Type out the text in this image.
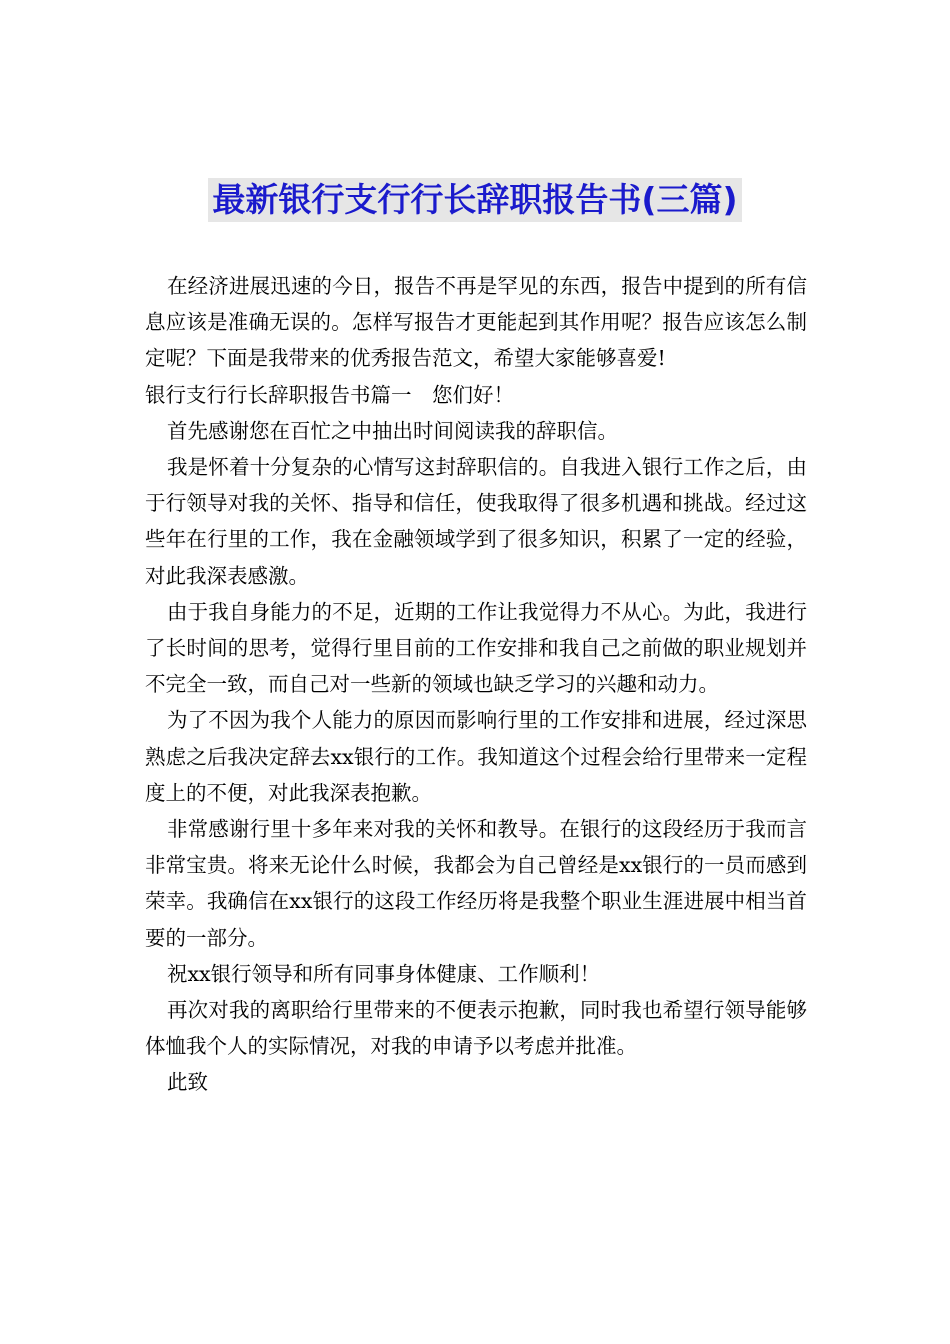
最新银行支行行长辞职报告书(三篇)

在经济进展迅速的今日，报告不再是罕见的东西，报告中提到的所有信息应该是准确无误的。怎样写报告才更能起到其作用呢？报告应该怎么制定呢？下面是我带来的优秀报告范文，希望大家能够喜爱!

银行支行行长辞职报告书篇一　您们好！

首先感谢您在百忙之中抽出时间阅读我的辞职信。

我是怀着十分复杂的心情写这封辞职信的。自我进入银行工作之后，由于行领导对我的关怀、指导和信任，使我取得了很多机遇和挑战。经过这些年在行里的工作，我在金融领域学到了很多知识，积累了一定的经验，对此我深表感激。

由于我自身能力的不足，近期的工作让我觉得力不从心。为此，我进行了长时间的思考，觉得行里目前的工作安排和我自己之前做的职业规划并不完全一致，而自己对一些新的领域也缺乏学习的兴趣和动力。

为了不因为我个人能力的原因而影响行里的工作安排和进展，经过深思熟虑之后我决定辞去xx银行的工作。我知道这个过程会给行里带来一定程度上的不便，对此我深表抱歉。

非常感谢行里十多年来对我的关怀和教导。在银行的这段经历于我而言非常宝贵。将来无论什么时候，我都会为自己曾经是xx银行的一员而感到荣幸。我确信在xx银行的这段工作经历将是我整个职业生涯进展中相当首要的一部分。

祝xx银行领导和所有同事身体健康、工作顺利！

再次对我的离职给行里带来的不便表示抱歉，同时我也希望行领导能够体恤我个人的实际情况，对我的申请予以考虑并批准。

此致
